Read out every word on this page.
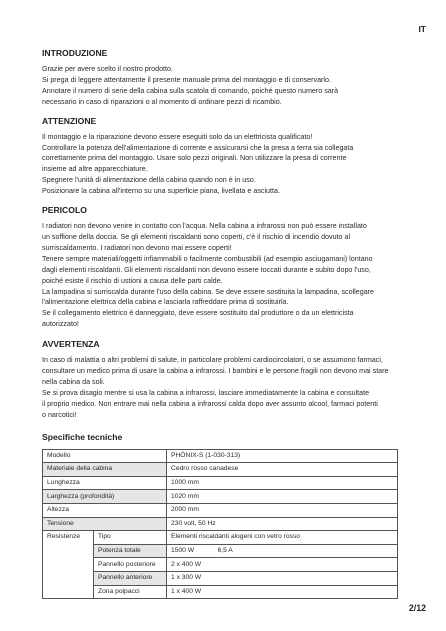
IT
INTRODUZIONE
Grazie per avere scelto il nostro prodotto.
Si prega di leggere attentamente il presente manuale prima del montaggio e di conservarlo.
Annotare il numero di serie della cabina sulla scatola di comando, poiché questo numero sarà
necessario in caso di riparazioni o al momento di ordinare pezzi di ricambio.
ATTENZIONE
Il montaggio e la riparazione devono essere eseguiti solo da un elettricista qualificato!
Controllare la potenza dell'alimentazione di corrente e assicurarsi che la presa a terra sia collegata
correttamente prima del montaggio. Usare solo pezzi originali. Non utilizzare la presa di corrente
insieme ad altre apparecchiature.
Spegnere l'unità di alimentazione della cabina quando non è in uso.
Posizionare la cabina all'interno su una superficie piana, livellata e asciutta.
PERICOLO
I radiatori non devono venire in contatto con l'acqua. Nella cabina a infrarossi non può essere installato
un soffione della doccia. Se gli elementi riscaldanti sono coperti, c'è il rischio di incendio dovuto al
surriscaldamento. I radiatori non devono mai essere coperti!
Tenere sempre materiali/oggetti infiammabili o facilmente combustibili (ad esempio asciugamani) lontano
dagli elementi riscaldanti. Gli elementi riscaldanti non devono essere toccati durante e subito dopo l'uso,
poiché esiste il rischio di ustioni a causa delle parti calde.
La lampadina si surriscalda durante l'uso della cabina. Se deve essere sostituita la lampadina, scollegare
l'alimentazione elettrica della cabina e lasciarla raffreddare prima di sostituirla.
Se il collegamento elettrico è danneggiato, deve essere sostituito dal produttore o da un elettricista
autorizzato!
AVVERTENZA
In caso di malattia o altri problemi di salute, in particolare problemi cardiocircolatori, o se assumono farmaci,
consultare un medico prima di usare la cabina a infrarossi. I bambini e le persone fragili non devono mai stare
nella cabina da soli.
Se si prova disagio mentre si usa la cabina a infrarossi, lasciare immediatamente la cabina e consultate
il proprio medico. Non entrare mai nella cabina a infrarossi calda dopo aver assunto alcool, farmaci potenti
o narcotici!
Specifiche tecniche
Modello		PHÖNIX-S (1-030-313)	
Materiale della cabina		Cedro rosso canadese	
Lunghezza		1000 mm	
Larghezza (profondità)		1020 mm	
Altezza		2000 mm	
Tensione		230 volt, 50 Hz	
Resistenze	Tipo	Elementi riscaldanti alogeni con vetro rosso	
	Potenza totale	1500 W	6,5 A
	Pannello posteriore	2 x 400 W	
	Pannello anteriore	1 x 300 W	
	Zona polpacci	1 x 400 W	
2/12
